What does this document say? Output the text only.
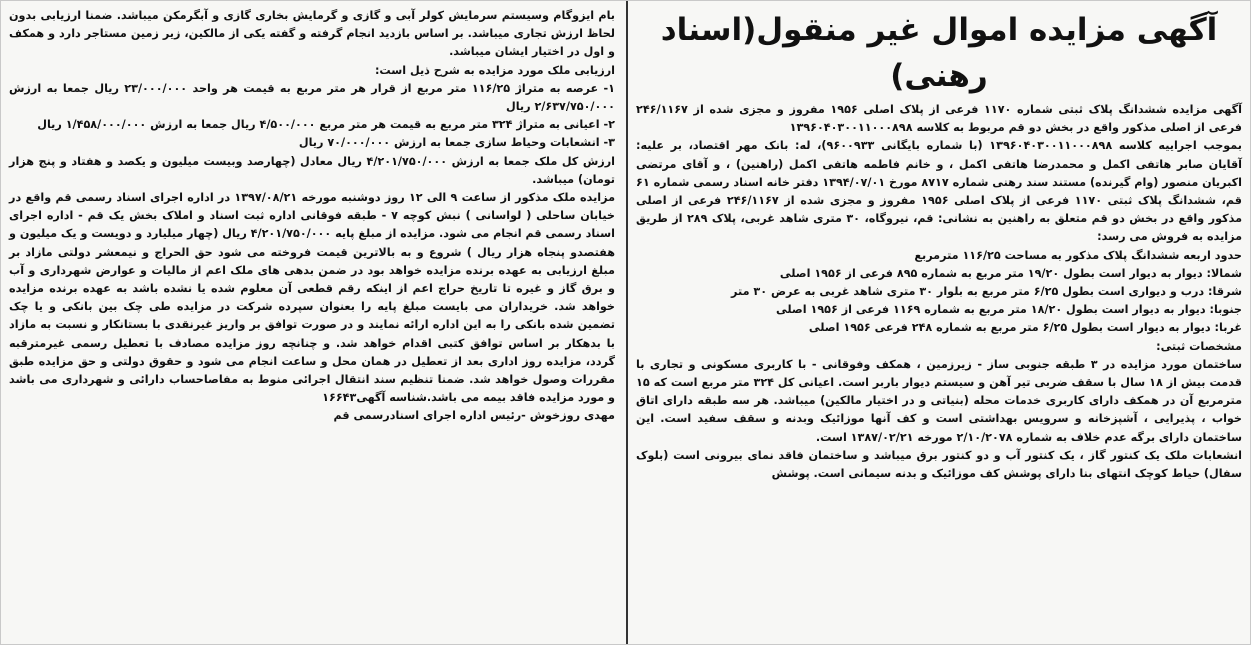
آگهی مزایده اموال غیر منقول(اسناد رهنی)

آگهی مزایده ششدانگ پلاک ثبتی شماره ۱۱۷۰ فرعی از پلاک اصلی ۱۹۵۶ مفروز و مجزی شده از ۲۴۶/۱۱۶۷ فرعی از اصلی مذکور واقع در بخش دو قم مربوط به کلاسه ۱۳۹۶۰۴۰۳۰۰۱۱۰۰۰۸۹۸

بموجب اجراییه کلاسه ۱۳۹۶۰۴۰۳۰۰۱۱۰۰۰۸۹۸ (با شماره بایگانی ۹۶۰۰۹۳۳)، له: بانک مهر اقتصاد، بر علیه: آقایان صابر هاتفی اکمل و محمدرضا هاتفی اکمل ، و خانم فاطمه هاتفی اکمل (راهنین) ، و آقای مرتضی اکبریان منصور (وام گیرنده) مستند سند رهنی شماره ۸۷۱۷ مورخ ۱۳۹۴/۰۷/۰۱ دفتر خانه اسناد رسمی شماره ۶۱ قم، ششدانگ پلاک ثبتی ۱۱۷۰ فرعی از پلاک اصلی ۱۹۵۶ مفروز و مجزی شده از ۲۴۶/۱۱۶۷ فرعی از اصلی مذکور واقع در بخش دو قم متعلق به راهنین به نشانی: قم، نیروگاه، ۳۰ متری شاهد غربی، پلاک ۲۸۹ از طریق مزایده به فروش می رسد:

حدود اربعه ششدانگ پلاک مذکور به مساحت ۱۱۶/۲۵ مترمربع

شمالا: دیوار به دیوار است بطول ۱۹/۲۰ متر مربع به شماره ۸۹۵ فرعی از ۱۹۵۶ اصلی

شرقا: درب و دیواری است بطول ۶/۲۵ متر مربع به بلوار ۳۰ متری شاهد غربی به عرض ۳۰ متر

جنوبا: دیوار به دیوار است بطول ۱۸/۲۰ متر مربع به شماره ۱۱۶۹ فرعی از ۱۹۵۶ اصلی

غربا: دیوار به دیوار است بطول ۶/۲۵ متر مربع به شماره ۲۴۸ فرعی ۱۹۵۶ اصلی

مشخصات ثبتی:

ساختمان مورد مزایده در ۳ طبقه جنوبی ساز - زیرزمین ، همکف وفوقانی - با کاربری مسکونی و تجاری با قدمت بیش از ۱۸ سال با سقف ضربی تیر آهن و سیستم دیوار باربر است. اعیانی کل ۳۲۴ متر مربع است که ۱۵ مترمربع آن در همکف دارای کاربری خدمات محله (بنیاتی و در اختیار مالکین) میباشد. هر سه طبقه دارای اتاق خواب ، پذیرایی ، آشپزخانه و سرویس بهداشتی است و کف آنها موزائیک وبدنه و سقف سفید است. این ساختمان دارای برگه عدم خلاف به شماره ۲/۱۰/۲۰۷۸ مورخه ۱۳۸۷/۰۲/۲۱ است.

انشعابات ملک یک کنتور گاز ، یک کنتور آب و دو کنتور برق میباشد و ساختمان فاقد نمای بیرونی است (بلوک سفال) حیاط کوچک انتهای بنا دارای پوشش کف موزائیک و بدنه سیمانی است. پوشش

بام ایزوگام وسیستم سرمایش کولر آبی و گازی و گرمایش بخاری گازی و آبگرمکن میباشد. ضمنا ارزیابی بدون لحاظ ارزش تجاری میباشد. بر اساس بازدید انجام گرفته و گفته یکی از مالکین، زیر زمین مستاجر دارد و همکف و اول در اختیار ایشان میباشد.

ارزیابی ملک مورد مزایده به شرح ذیل است:

۱- عرصه به متراژ ۱۱۶/۲۵ متر مربع از قرار هر متر مربع به قیمت هر واحد ۲۳/۰۰۰/۰۰۰ ریال جمعا به ارزش ۲/۶۳۷/۷۵۰/۰۰۰ ریال

۲- اعیانی به متراژ ۳۲۴ متر مربع به قیمت هر متر مربع ۴/۵۰۰/۰۰۰ ریال جمعا به ارزش ۱/۴۵۸/۰۰۰/۰۰۰ ریال

۳- انشعابات وحیاط سازی جمعا به ارزش ۷۰/۰۰۰/۰۰۰ ریال

ارزش کل ملک جمعا به ارزش ۴/۲۰۱/۷۵۰/۰۰۰ ریال معادل (چهارصد وبیست میلیون و یکصد و هفتاد و پنج هزار تومان) میباشد.

مزایده ملک مذکور از ساعت ۹ الی ۱۲ روز دوشنبه مورخه ۱۳۹۷/۰۸/۲۱ در اداره اجرای اسناد رسمی قم واقع در خیابان ساحلی ( لواسانی ) نبش کوچه ۷ - طبقه فوقانی اداره ثبت اسناد و املاک بخش یک قم - اداره اجرای اسناد رسمی قم انجام می شود. مزایده از مبلغ پایه ۴/۲۰۱/۷۵۰/۰۰۰ ریال (چهار میلیارد و دویست و یک میلیون و هفتصدو پنجاه هزار ریال ) شروع و به بالاترین قیمت فروخته می شود حق الحراج و نیمعشر دولتی مازاد بر مبلغ ارزیابی به عهده برنده مزایده خواهد بود در ضمن بدهی های ملک اعم از مالیات و عوارض شهرداری و آب و برق گاز و غیره تا تاریخ حراج اعم از اینکه رقم قطعی آن معلوم شده یا نشده باشد به عهده برنده مزایده خواهد شد. خریداران می بایست مبلغ پایه را بعنوان سپرده شرکت در مزایده طی چک بین بانکی و یا چک تضمین شده بانکی را به این اداره ارائه نمایند و در صورت توافق بر واریز غیرنقدی با بستانکار و نسبت به مازاد با بدهکار بر اساس توافق کتبی اقدام خواهد شد. و چنانچه روز مزایده مصادف با تعطیل رسمی غیرمترقبه گردد، مزایده روز اداری بعد از تعطیل در همان محل و ساعت انجام می شود و حقوق دولتی و حق مزایده طبق مقررات وصول خواهد شد. ضمنا تنظیم سند انتقال اجرائی منوط به مفاصاحساب دارائی و شهرداری می باشد و مورد مزایده فاقد بیمه می باشد.شناسه آگهی۱۶۶۴۳

مهدی روزخوش -رئیس اداره اجرای اسنادرسمی قم
